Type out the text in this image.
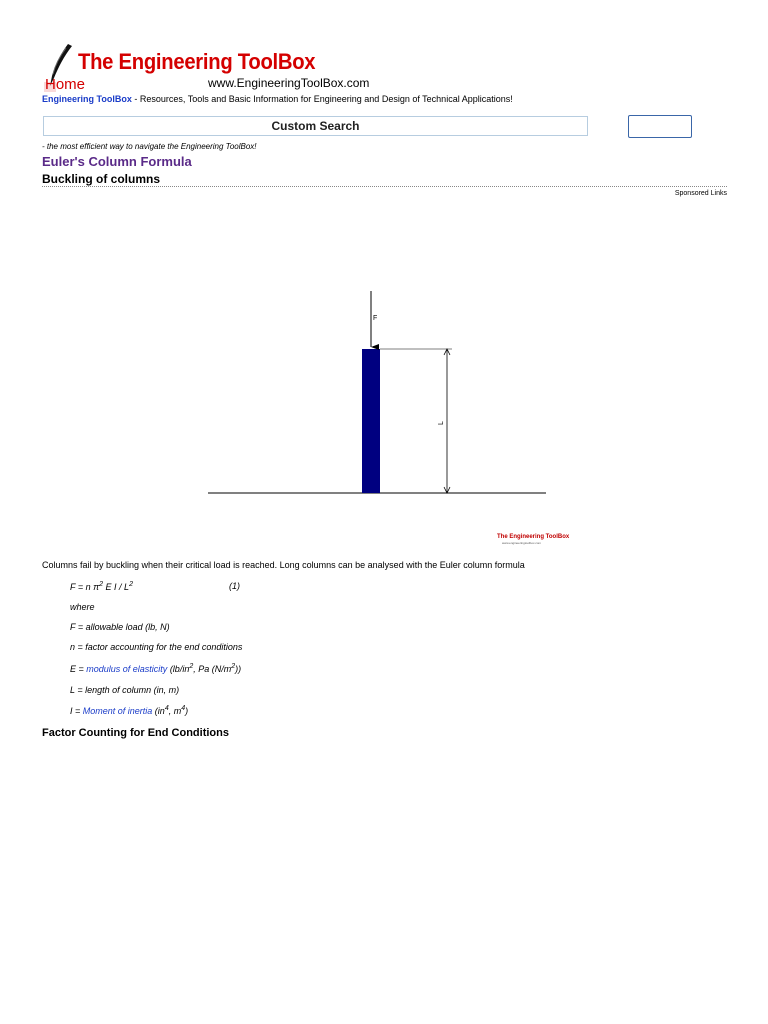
The Engineering ToolBox
Home	www.EngineeringToolBox.com
Engineering ToolBox - Resources, Tools and Basic Information for Engineering and Design of Technical Applications!
Custom Search
- the most efficient way to navigate the Engineering ToolBox!
Euler's Column Formula
Buckling of columns
Sponsored Links
F
L
The Engineering ToolBox
www.engineeringtoolbox.com
Columns fail by buckling when their critical load is reached. Long columns can be analysed with the Euler column formula
F = n $\pi^2$ E I / $L^2$	(1)
where
F = allowable load (lb, N)
n = factor accounting for the end conditions
E = modulus of elasticity ($lb/in^2$, Pa $(N/m^2)$)
L = length of column (in, m)
I = Moment of inertia ($in^4$, $m^4$)
Factor Counting for End Conditions
